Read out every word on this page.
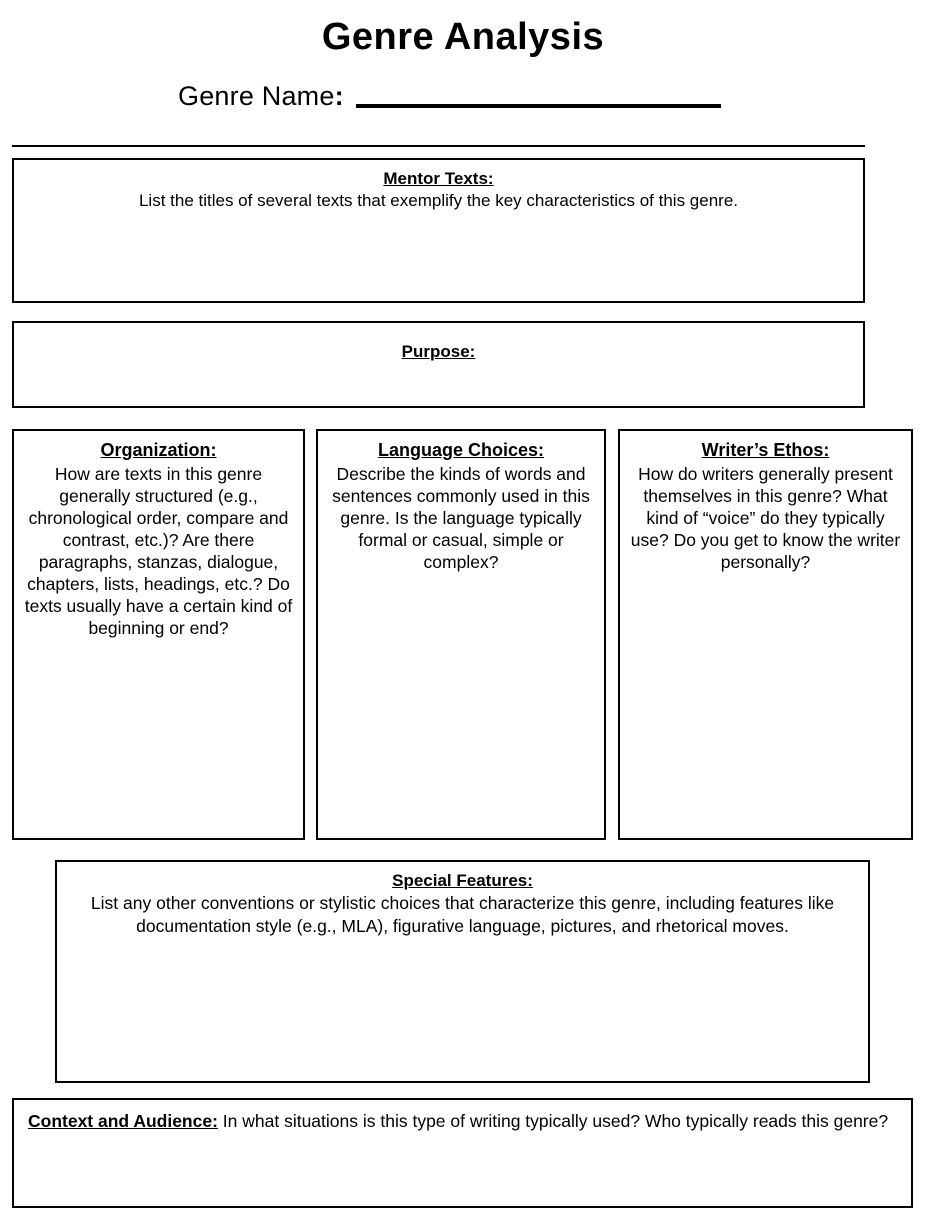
Genre Analysis
Genre Name :

Mentor Texts:

List the titles of several texts that exemplify the key characteristics of this genre.

Purpose:

Organization:

How are texts in this genre generally structured (e.g., chronological order, compare and contrast, etc.)? Are there paragraphs, stanzas, dialogue, chapters, lists, headings, etc.? Do texts usually have a certain kind of beginning or end?

Language Choices:

Describe the kinds of words and sentences commonly used in this genre. Is the language typically formal or casual, simple or complex?

Writer’s Ethos:

How do writers generally present themselves in this genre? What kind of “voice” do they typically use? Do you get to know the writer personally?

Special Features:

List any other conventions or stylistic choices that characterize this genre, including features like documentation style (e.g., MLA), figurative language, pictures, and rhetorical moves.

Context and Audience: In what situations is this type of writing typically used? Who typically reads this genre?
